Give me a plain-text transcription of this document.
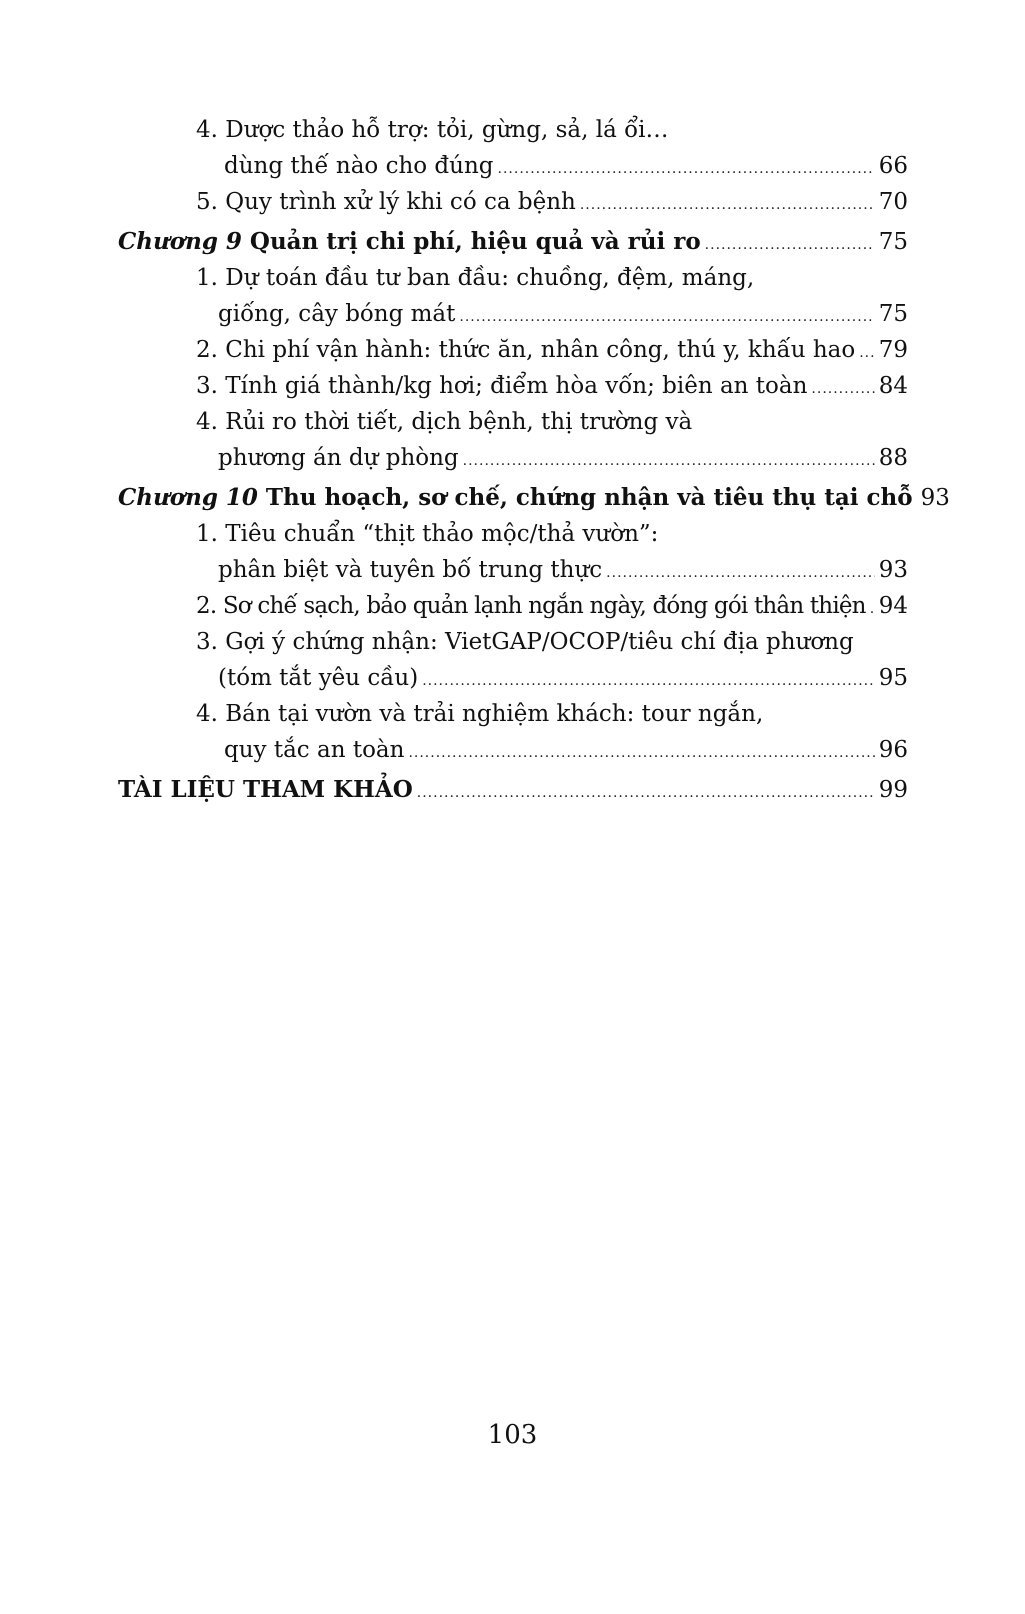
4. Dược thảo hỗ trợ: tỏi, gừng, sả, lá ổi…
dùng thế nào cho đúng .....	66
5. Quy trình xử lý khi có ca bệnh .....	70
Chương 9 Quản trị chi phí, hiệu quả và rủi ro .....	75
1. Dự toán đầu tư ban đầu: chuồng, đệm, máng,
giống, cây bóng mát .....	75
2. Chi phí vận hành: thức ăn, nhân công, thú y, khấu hao ..... 79
3. Tính giá thành/kg hơi; điểm hòa vốn; biên an toàn .....	84
4. Rủi ro thời tiết, dịch bệnh, thị trường và
phương án dự phòng .....	88
Chương 10 Thu hoạch, sơ chế, chứng nhận và tiêu thụ tại chỗ 93
1. Tiêu chuẩn “thịt thảo mộc/thả vườn”:
phân biệt và tuyên bố trung thực .....	93
2. Sơ chế sạch, bảo quản lạnh ngắn ngày, đóng gói thân thiện ..... 94
3. Gợi ý chứng nhận: VietGAP/OCOP/tiêu chí địa phương
(tóm tắt yêu cầu) .....	95
4. Bán tại vườn và trải nghiệm khách: tour ngắn,
quy tắc an toàn .....	96
TÀI LIỆU THAM KHẢO .....	99
103
